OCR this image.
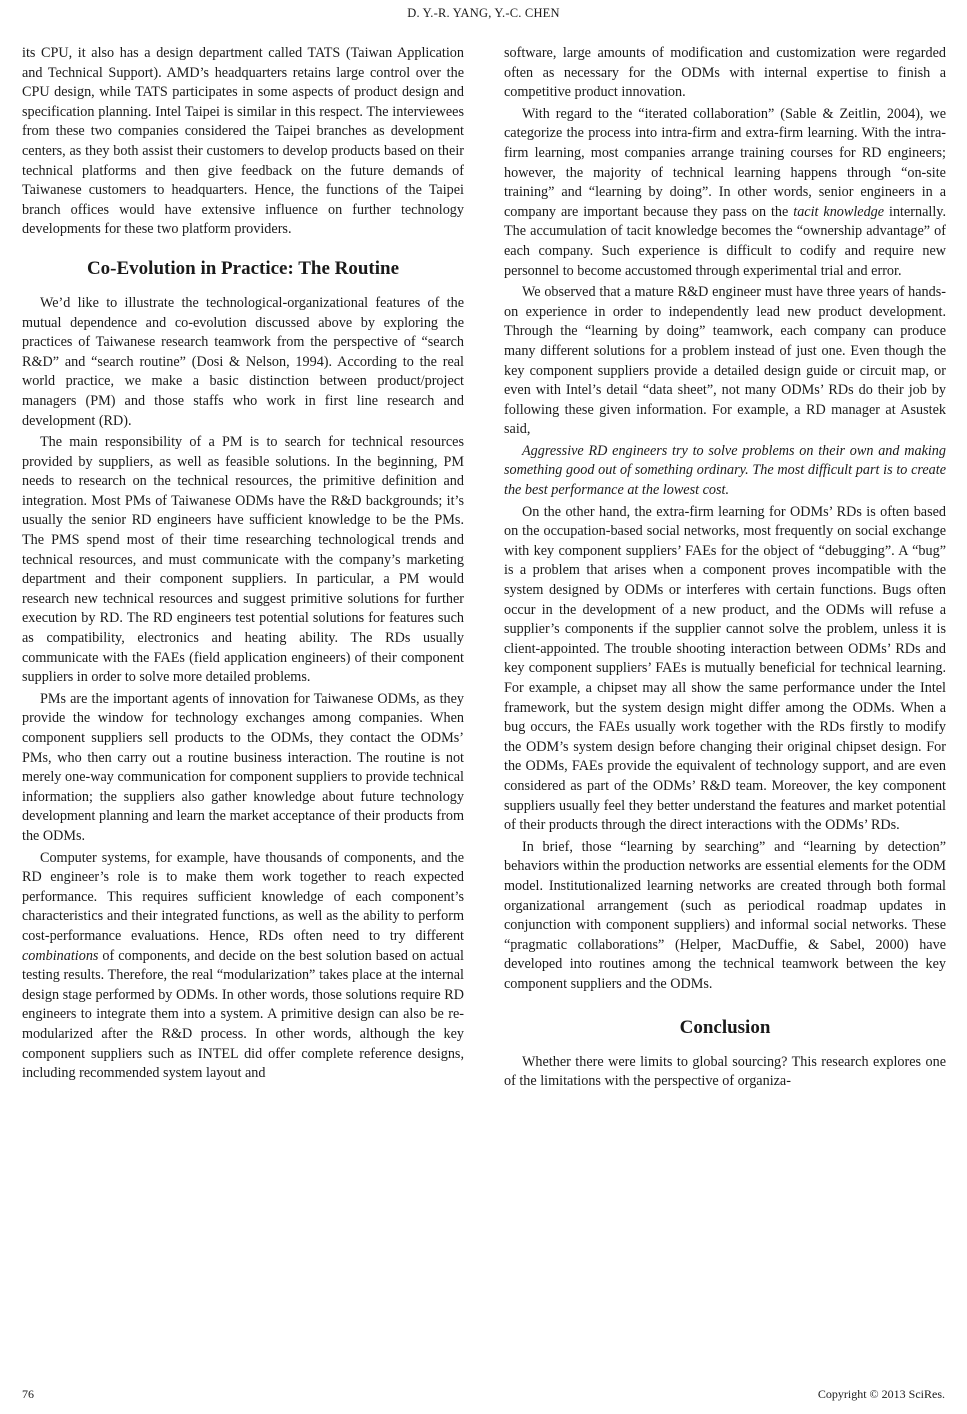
D. Y.-R. YANG, Y.-C. CHEN

its CPU, it also has a design department called TATS (Taiwan Application and Technical Support). AMD’s headquarters retains large control over the CPU design, while TATS participates in some aspects of product design and specification planning. Intel Taipei is similar in this respect. The interviewees from these two companies considered the Taipei branches as development centers, as they both assist their customers to develop products based on their technical platforms and then give feedback on the future demands of Taiwanese customers to headquarters. Hence, the functions of the Taipei branch offices would have extensive influence on further technology developments for these two platform providers.

Co-Evolution in Practice: The Routine

We’d like to illustrate the technological-organizational features of the mutual dependence and co-evolution discussed above by exploring the practices of Taiwanese research teamwork from the perspective of “search R&D” and “search routine” (Dosi & Nelson, 1994). According to the real world practice, we make a basic distinction between product/project managers (PM) and those staffs who work in first line research and development (RD).

The main responsibility of a PM is to search for technical resources provided by suppliers, as well as feasible solutions. In the beginning, PM needs to research on the technical resources, the primitive definition and integration. Most PMs of Taiwanese ODMs have the R&D backgrounds; it’s usually the senior RD engineers have sufficient knowledge to be the PMs. The PMS spend most of their time researching technological trends and technical resources, and must communicate with the company’s marketing department and their component suppliers. In particular, a PM would research new technical resources and suggest primitive solutions for further execution by RD. The RD engineers test potential solutions for features such as compatibility, electronics and heating ability. The RDs usually communicate with the FAEs (field application engineers) of their component suppliers in order to solve more detailed problems.

PMs are the important agents of innovation for Taiwanese ODMs, as they provide the window for technology exchanges among companies. When component suppliers sell products to the ODMs, they contact the ODMs’ PMs, who then carry out a routine business interaction. The routine is not merely one-way communication for component suppliers to provide technical information; the suppliers also gather knowledge about future technology development planning and learn the market acceptance of their products from the ODMs.

Computer systems, for example, have thousands of components, and the RD engineer’s role is to make them work together to reach expected performance. This requires sufficient knowledge of each component’s characteristics and their integrated functions, as well as the ability to perform cost-performance evaluations. Hence, RDs often need to try different combinations of components, and decide on the best solution based on actual testing results. Therefore, the real “modularization” takes place at the internal design stage performed by ODMs. In other words, those solutions require RD engineers to integrate them into a system. A primitive design can also be re-modularized after the R&D process. In other words, although the key component suppliers such as INTEL did offer complete reference designs, including recommended system layout and

software, large amounts of modification and customization were regarded often as necessary for the ODMs with internal expertise to finish a competitive product innovation.

With regard to the “iterated collaboration” (Sable & Zeitlin, 2004), we categorize the process into intra-firm and extra-firm learning. With the intra-firm learning, most companies arrange training courses for RD engineers; however, the majority of technical learning happens through “on-site training” and “learning by doing”. In other words, senior engineers in a company are important because they pass on the tacit knowledge internally. The accumulation of tacit knowledge becomes the “ownership advantage” of each company. Such experience is difficult to codify and require new personnel to become accustomed through experimental trial and error.

We observed that a mature R&D engineer must have three years of hands-on experience in order to independently lead new product development. Through the “learning by doing” teamwork, each company can produce many different solutions for a problem instead of just one. Even though the key component suppliers provide a detailed design guide or circuit map, or even with Intel’s detail “data sheet”, not many ODMs’ RDs do their job by following these given information. For example, a RD manager at Asustek said,

Aggressive RD engineers try to solve problems on their own and making something good out of something ordinary. The most difficult part is to create the best performance at the lowest cost.

On the other hand, the extra-firm learning for ODMs’ RDs is often based on the occupation-based social networks, most frequently on social exchange with key component suppliers’ FAEs for the object of “debugging”. A “bug” is a problem that arises when a component proves incompatible with the system designed by ODMs or interferes with certain functions. Bugs often occur in the development of a new product, and the ODMs will refuse a supplier’s components if the supplier cannot solve the problem, unless it is client-appointed. The trouble shooting interaction between ODMs’ RDs and key component suppliers’ FAEs is mutually beneficial for technical learning. For example, a chipset may all show the same performance under the Intel framework, but the system design might differ among the ODMs. When a bug occurs, the FAEs usually work together with the RDs firstly to modify the ODM’s system design before changing their original chipset design. For the ODMs, FAEs provide the equivalent of technology support, and are even considered as part of the ODMs’ R&D team. Moreover, the key component suppliers usually feel they better understand the features and market potential of their products through the direct interactions with the ODMs’ RDs.

In brief, those “learning by searching” and “learning by detection” behaviors within the production networks are essential elements for the ODM model. Institutionalized learning networks are created through both formal organizational arrangement (such as periodical roadmap updates in conjunction with component suppliers) and informal social networks. These “pragmatic collaborations” (Helper, MacDuffie, & Sabel, 2000) have developed into routines among the technical teamwork between the key component suppliers and the ODMs.

Conclusion

Whether there were limits to global sourcing? This research explores one of the limitations with the perspective of organiza-

76	Copyright © 2013 SciRes.
